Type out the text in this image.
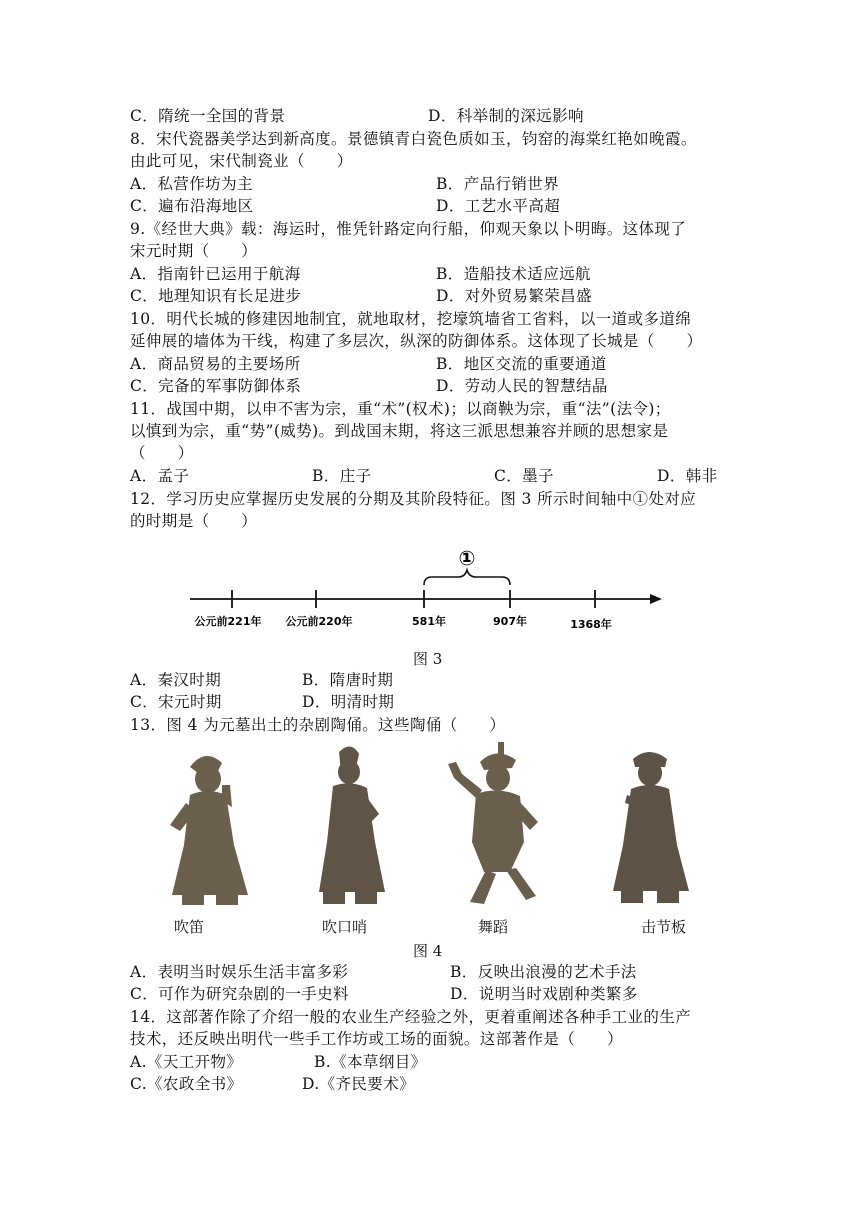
C．隋统一全国的背景	D．科举制的深远影响
8．宋代瓷器美学达到新高度。景德镇青白瓷色质如玉，钧窑的海棠红艳如晚霞。
由此可见，宋代制瓷业（　　）
A．私营作坊为主	B．产品行销世界
C．遍布沿海地区	D．工艺水平高超
9.《经世大典》载：海运时，惟凭针路定向行船，仰观天象以卜明晦。这体现了
宋元时期（　　）
A．指南针已运用于航海	B．造船技术适应远航
C．地理知识有长足进步	D．对外贸易繁荣昌盛
10．明代长城的修建因地制宜，就地取材，挖壕筑墙省工省料，以一道或多道绵
延伸展的墙体为干线，构建了多层次，纵深的防御体系。这体现了长城是（　　）
A．商品贸易的主要场所	B．地区交流的重要通道
C．完备的军事防御体系	D．劳动人民的智慧结晶
11．战国中期，以申不害为宗，重“术”(权术)；以商鞅为宗，重“法”(法令)；
以慎到为宗，重“势”(威势)。到战国末期，将这三派思想兼容并顾的思想家是
（　　）
A．孟子	B．庄子	C．墨子	D．韩非
12．学习历史应掌握历史发展的分期及其阶段特征。图 3 所示时间轴中①处对应
的时期是（　　）
①
公元前221年 公元前220年	581年	907年	1368年
图 3
A．秦汉时期	B．隋唐时期
C．宋元时期	D．明清时期
13．图 4 为元墓出土的杂剧陶俑。这些陶俑（　　）
吹笛	吹口哨	舞蹈	击节板
图 4
A．表明当时娱乐生活丰富多彩	B．反映出浪漫的艺术手法
C．可作为研究杂剧的一手史料	D．说明当时戏剧种类繁多
14．这部著作除了介绍一般的农业生产经验之外，更着重阐述各种手工业的生产
技术，还反映出明代一些手工作坊或工场的面貌。这部著作是（　　）
A.《天工开物》	B.《本草纲目》
C.《农政全书》	D.《齐民要术》
